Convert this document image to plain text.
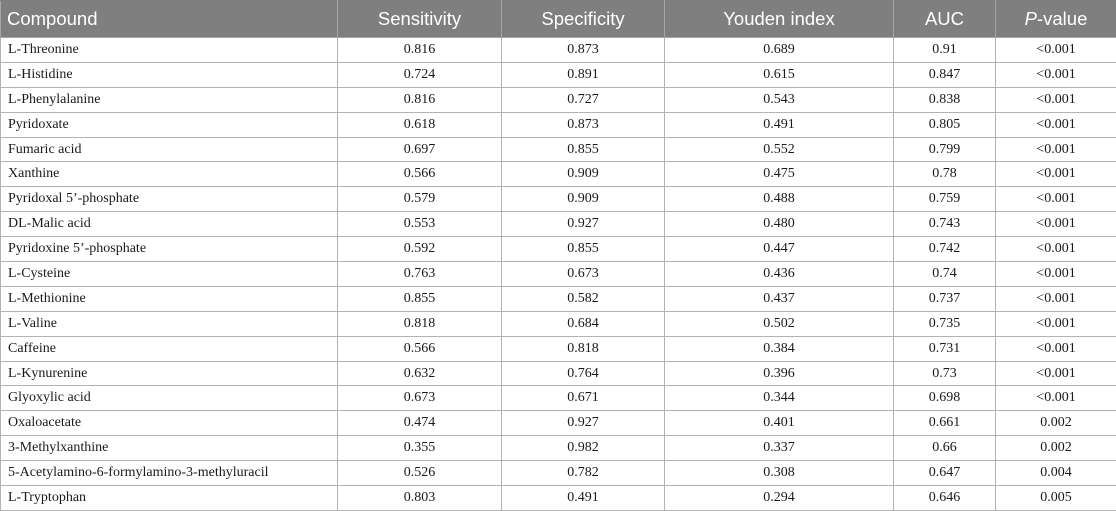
Compound	Sensitivity	Specificity	Youden index	AUC	P-value
L-Threonine	0.816	0.873	0.689	0.91	<0.001
L-Histidine	0.724	0.891	0.615	0.847	<0.001
L-Phenylalanine	0.816	0.727	0.543	0.838	<0.001
Pyridoxate	0.618	0.873	0.491	0.805	<0.001
Fumaric acid	0.697	0.855	0.552	0.799	<0.001
Xanthine	0.566	0.909	0.475	0.78	<0.001
Pyridoxal 5’-phosphate	0.579	0.909	0.488	0.759	<0.001
DL-Malic acid	0.553	0.927	0.480	0.743	<0.001
Pyridoxine 5’-phosphate	0.592	0.855	0.447	0.742	<0.001
L-Cysteine	0.763	0.673	0.436	0.74	<0.001
L-Methionine	0.855	0.582	0.437	0.737	<0.001
L-Valine	0.818	0.684	0.502	0.735	<0.001
Caffeine	0.566	0.818	0.384	0.731	<0.001
L-Kynurenine	0.632	0.764	0.396	0.73	<0.001
Glyoxylic acid	0.673	0.671	0.344	0.698	<0.001
Oxaloacetate	0.474	0.927	0.401	0.661	0.002
3-Methylxanthine	0.355	0.982	0.337	0.66	0.002
5-Acetylamino-6-formylamino-3-methyluracil	0.526	0.782	0.308	0.647	0.004
L-Tryptophan	0.803	0.491	0.294	0.646	0.005
